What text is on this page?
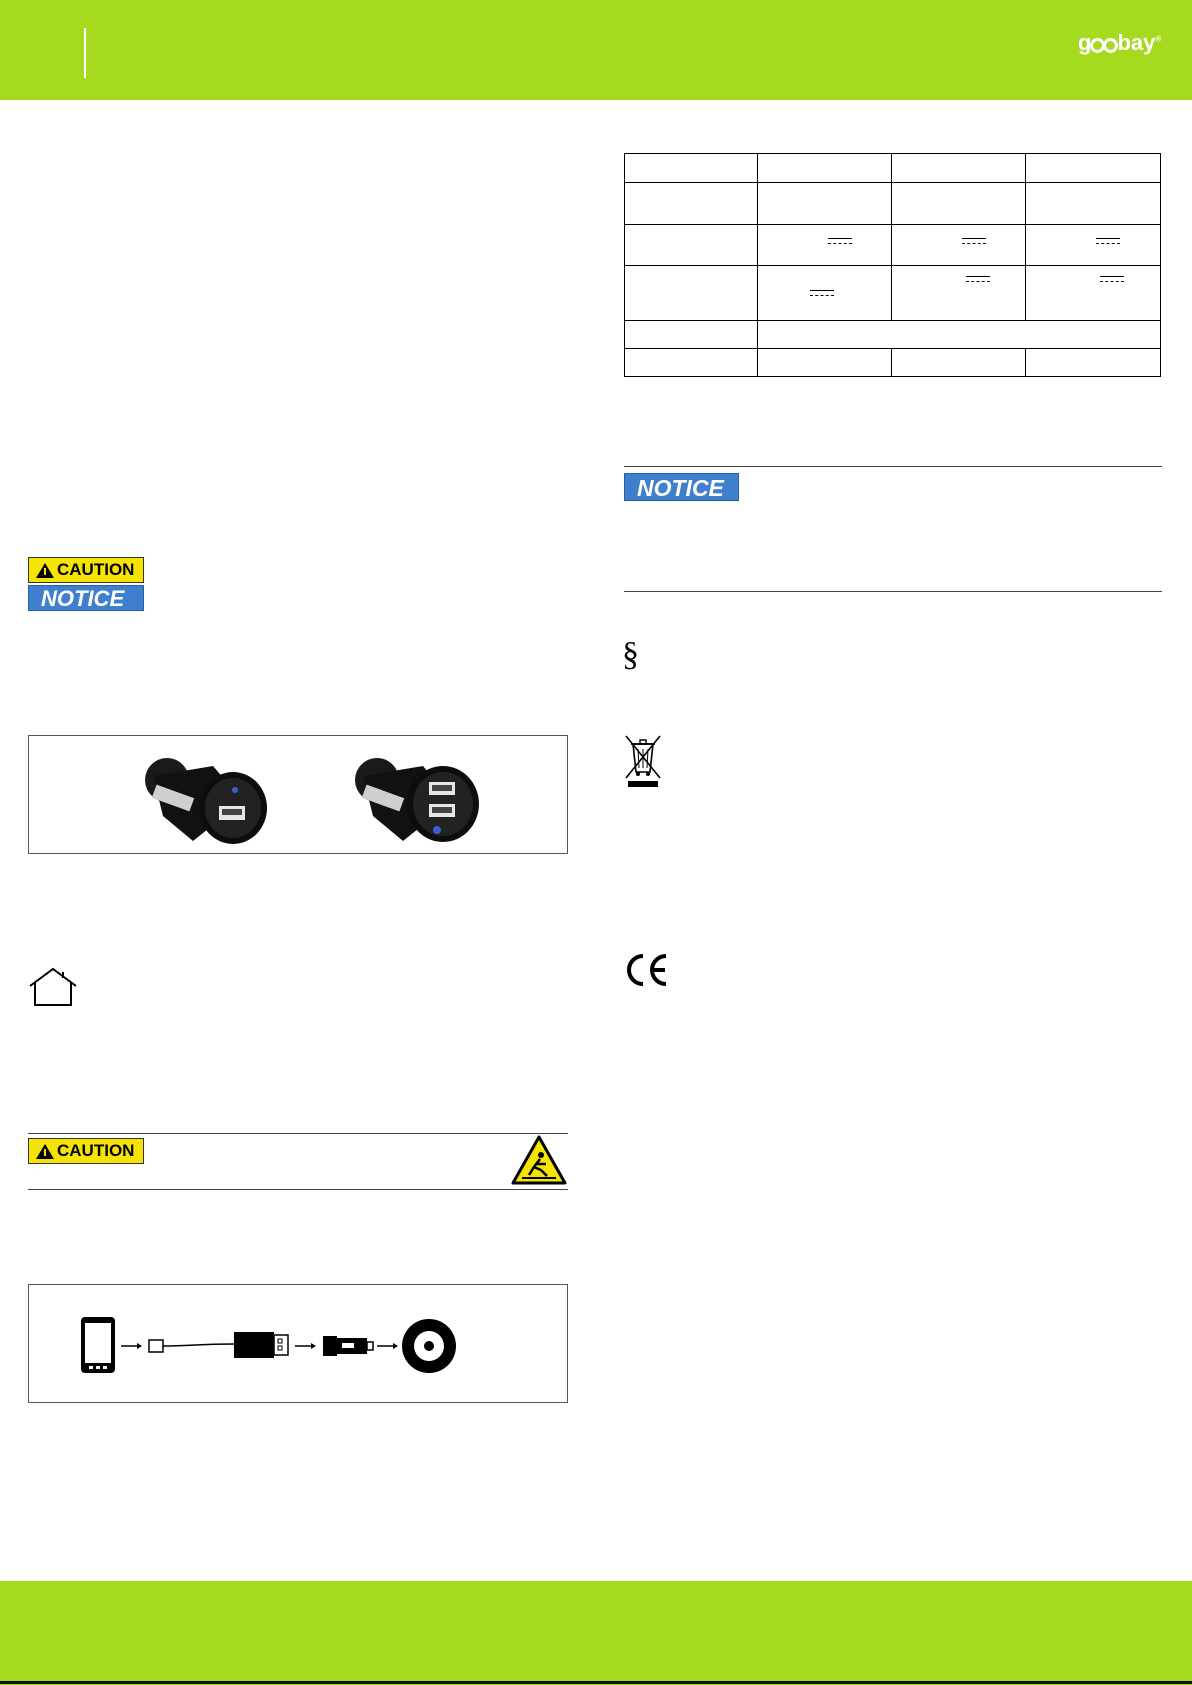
g bay®
CAUTION
NOTICE
CAUTION

NOTICE
§
